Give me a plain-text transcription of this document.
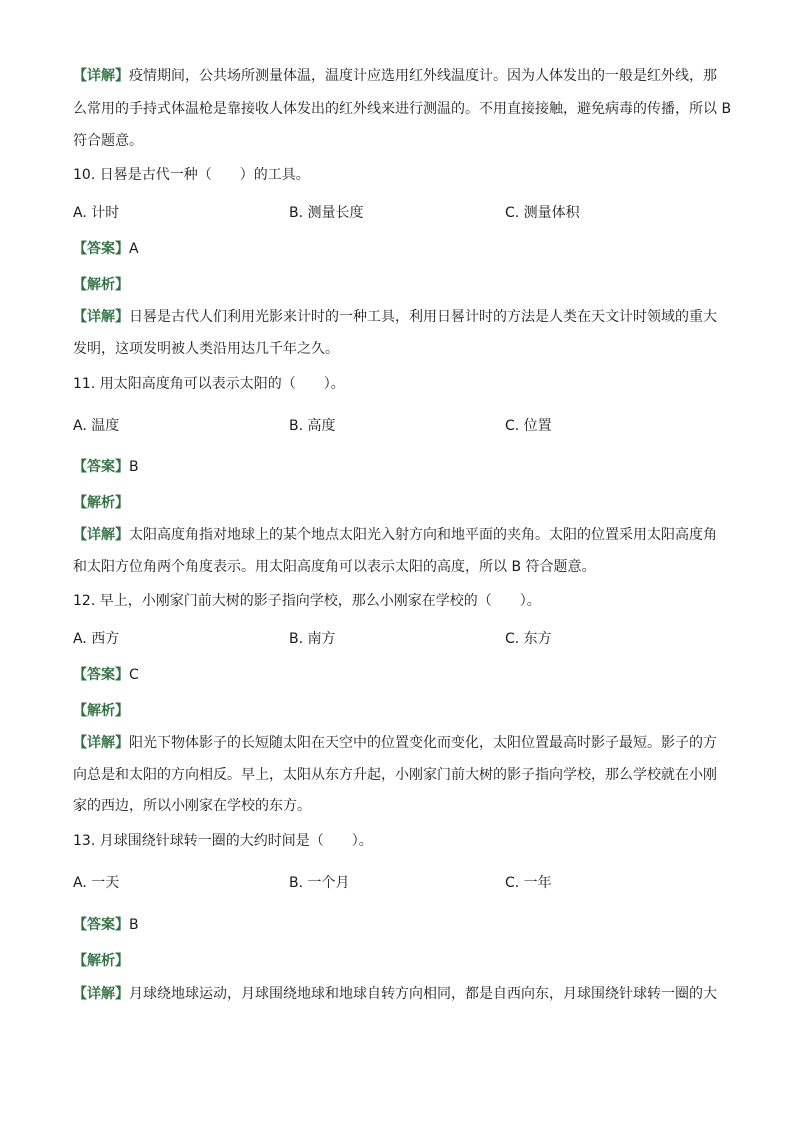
【详解】疫情期间，公共场所测量体温，温度计应选用红外线温度计。因为人体发出的一般是红外线，那
么常用的手持式体温枪是靠接收人体发出的红外线来进行测温的。不用直接接触，避免病毒的传播，所以 B
符合题意。
10. 日晷是古代一种（　　）的工具。
A. 计时	B. 测量长度	C. 测量体积
【答案】A
【解析】
【详解】日晷是古代人们利用光影来计时的一种工具，利用日晷计时的方法是人类在天文计时领域的重大
发明，这项发明被人类沿用达几千年之久。
11. 用太阳高度角可以表示太阳的（　　）。
A. 温度	B. 高度	C. 位置
【答案】B
【解析】
【详解】太阳高度角指对地球上的某个地点太阳光入射方向和地平面的夹角。太阳的位置采用太阳高度角
和太阳方位角两个角度表示。用太阳高度角可以表示太阳的高度，所以 B 符合题意。
12. 早上，小刚家门前大树的影子指向学校，那么小刚家在学校的（　　）。
A. 西方	B. 南方	C. 东方
【答案】C
【解析】
【详解】阳光下物体影子的长短随太阳在天空中的位置变化而变化，太阳位置最高时影子最短。影子的方
向总是和太阳的方向相反。早上，太阳从东方升起，小刚家门前大树的影子指向学校，那么学校就在小刚
家的西边，所以小刚家在学校的东方。
13. 月球围绕针球转一圈的大约时间是（　　）。
A. 一天	B. 一个月	C. 一年
【答案】B
【解析】
【详解】月球绕地球运动，月球围绕地球和地球自转方向相同，都是自西向东，月球围绕针球转一圈的大
